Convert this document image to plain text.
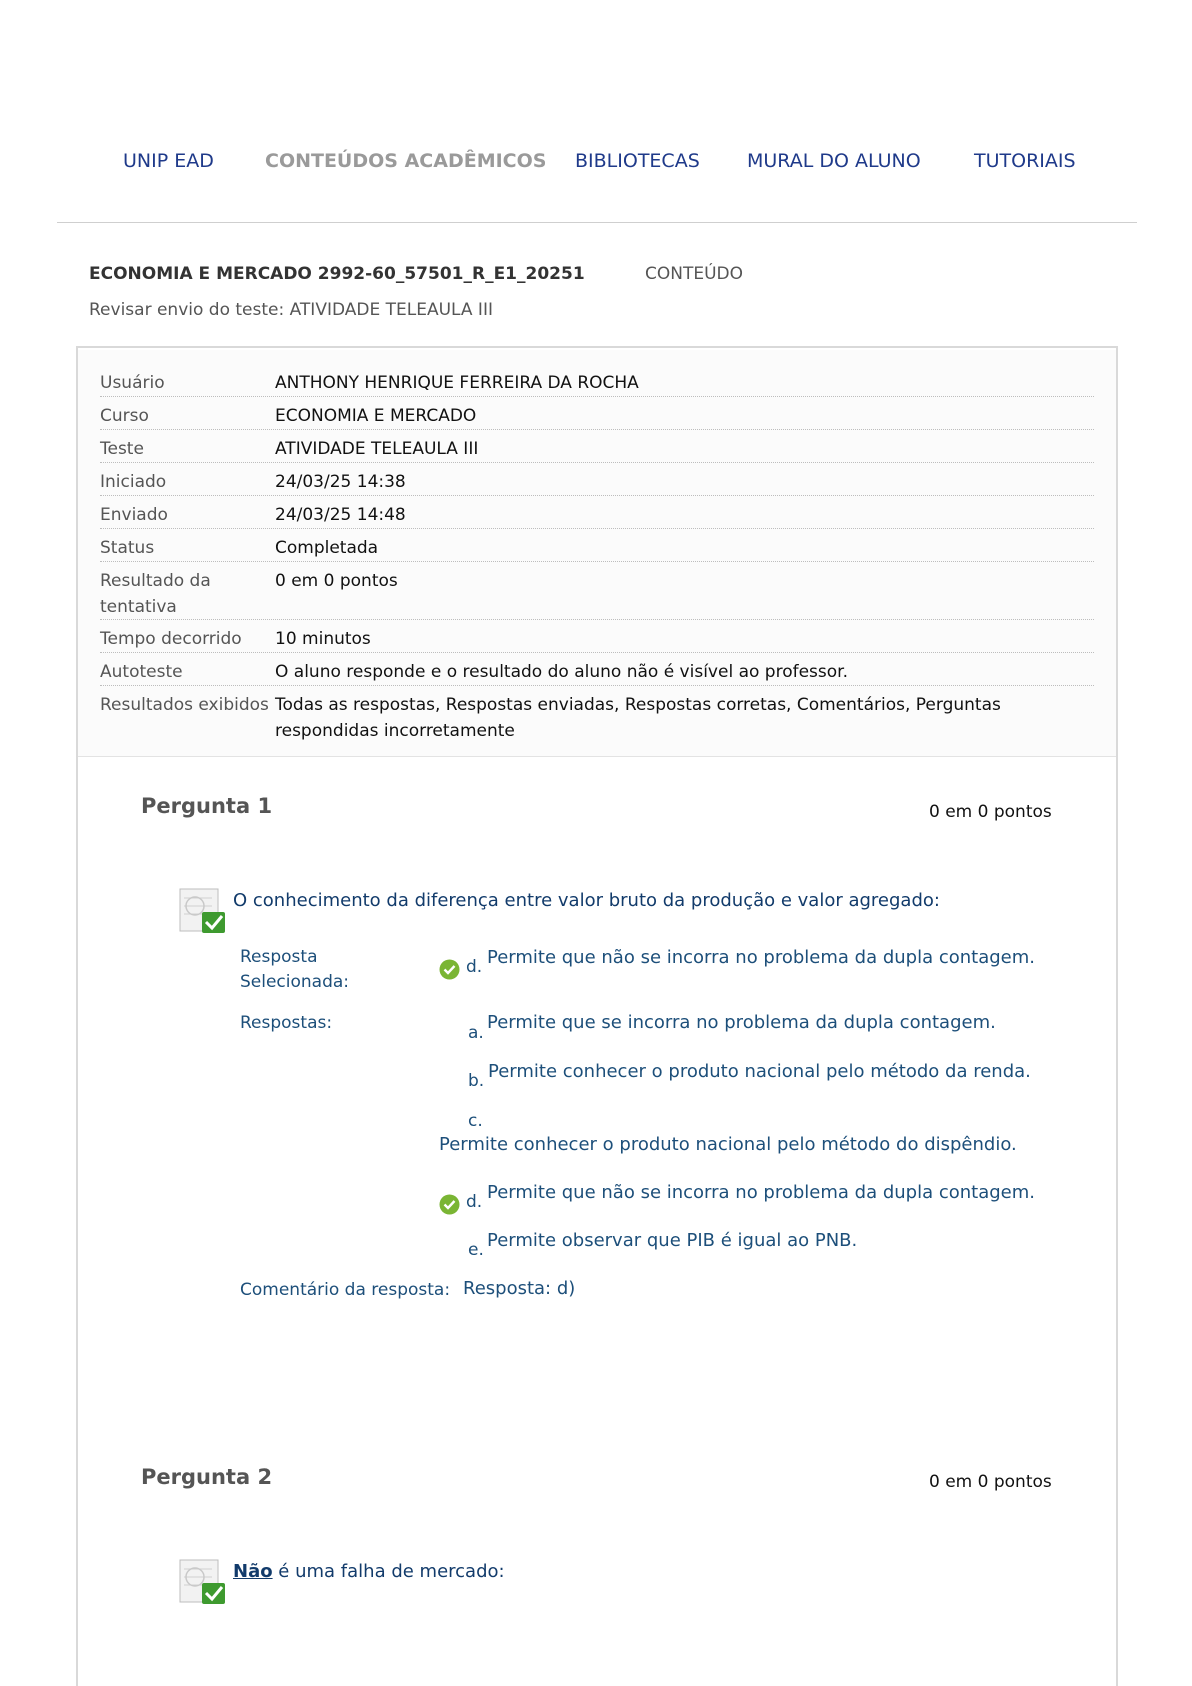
UNIP EAD	CONTEÚDOS ACADÊMICOS BIBLIOTECAS MURAL DO ALUNO	TUTORIAIS
ECONOMIA E MERCADO 2992-60_57501_R_E1_20251	CONTEÚDO
Revisar envio do teste: ATIVIDADE TELEAULA III
Usuário	ANTHONY HENRIQUE FERREIRA DA ROCHA
Curso	ECONOMIA E MERCADO
Teste	ATIVIDADE TELEAULA III
Iniciado	24/03/25 14:38
Enviado	24/03/25 14:48
Status	Completada
Resultado da tentativa
0 em 0 pontos
Tempo decorrido	10 minutos
Autoteste	O aluno responde e o resultado do aluno não é visível ao professor.
Resultados exibidos Todas as respostas, Respostas enviadas, Respostas corretas, Comentários, Perguntas respondidas incorretamente
Pergunta 1	0 em 0 pontos
O conhecimento da diferença entre valor bruto da produção e valor agregado:
Resposta Selecionada:
d. Permite que não se incorra no problema da dupla contagem.
Respostas:	a. Permite que se incorra no problema da dupla contagem.
b. Permite conhecer o produto nacional pelo método da renda.
c.
Permite conhecer o produto nacional pelo método do dispêndio.
d. Permite que não se incorra no problema da dupla contagem.
e. Permite observar que PIB é igual ao PNB.
Comentário da resposta: Resposta: d)
Pergunta 2	0 em 0 pontos
Não é uma falha de mercado:
